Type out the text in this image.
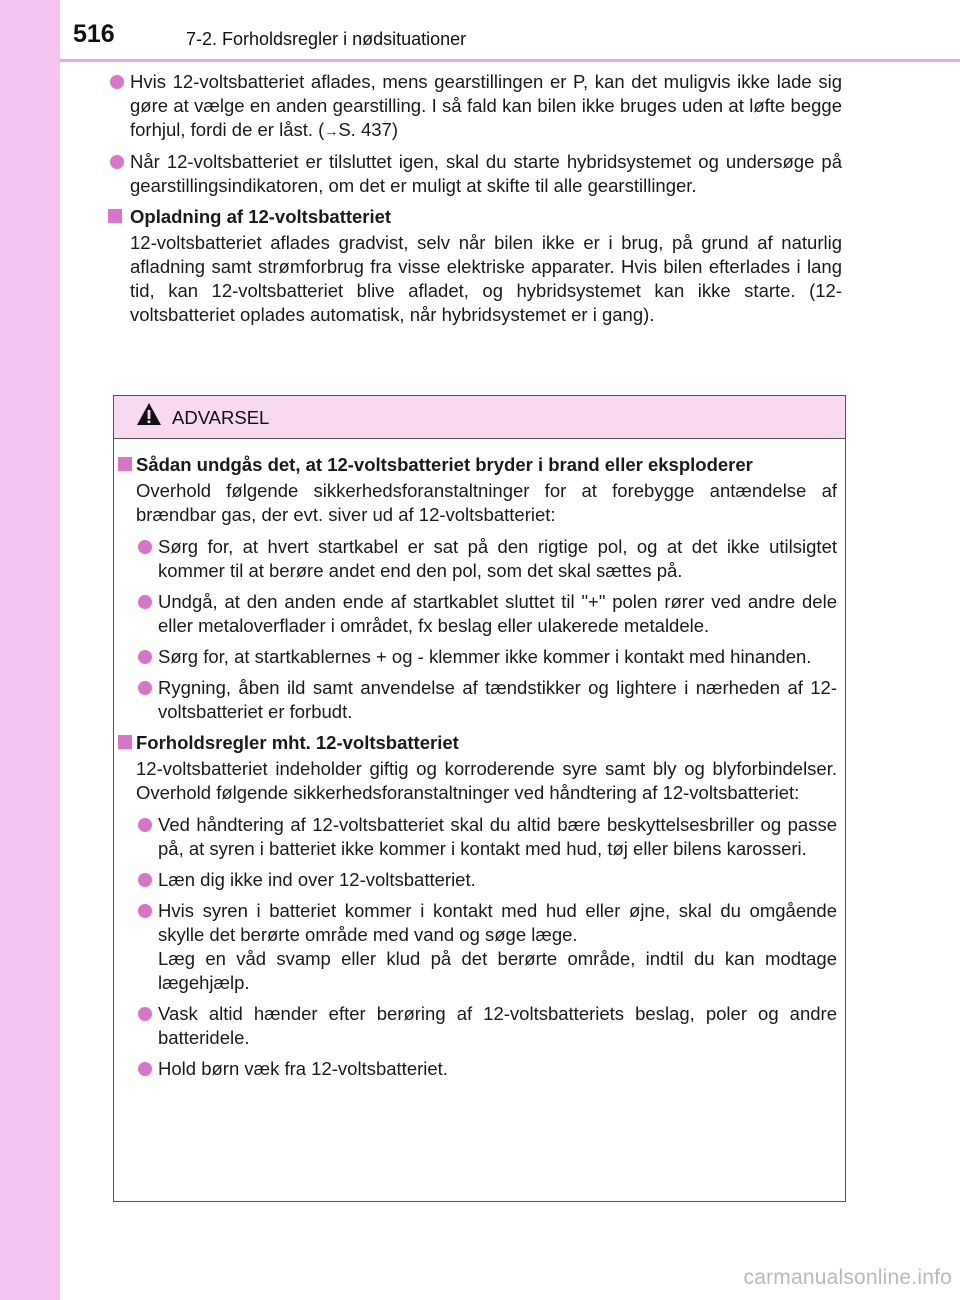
516	7-2. Forholdsregler i nødsituationer
Hvis 12-voltsbatteriet aflades, mens gearstillingen er P, kan det muligvis ikke lade sig gøre at vælge en anden gearstilling. I så fald kan bilen ikke bruges uden at løfte begge forhjul, fordi de er låst. (→S. 437)
Når 12-voltsbatteriet er tilsluttet igen, skal du starte hybridsystemet og undersøge på gearstillingsindikatoren, om det er muligt at skifte til alle gearstillinger.
Opladning af 12-voltsbatteriet
12-voltsbatteriet aflades gradvist, selv når bilen ikke er i brug, på grund af naturlig afladning samt strømforbrug fra visse elektriske apparater. Hvis bilen efterlades i lang tid, kan 12-voltsbatteriet blive afladet, og hybridsystemet kan ikke starte. (12-voltsbatteriet oplades automatisk, når hybridsystemet er i gang).
ADVARSEL
Sådan undgås det, at 12-voltsbatteriet bryder i brand eller eksploderer
Overhold følgende sikkerhedsforanstaltninger for at forebygge antændelse af brændbar gas, der evt. siver ud af 12-voltsbatteriet:
Sørg for, at hvert startkabel er sat på den rigtige pol, og at det ikke utilsigtet kommer til at berøre andet end den pol, som det skal sættes på.
Undgå, at den anden ende af startkablet sluttet til "+" polen rører ved andre dele eller metaloverflader i området, fx beslag eller ulakerede metaldele.
Sørg for, at startkablernes + og - klemmer ikke kommer i kontakt med hinanden.
Rygning, åben ild samt anvendelse af tændstikker og lightere i nærheden af 12-voltsbatteriet er forbudt.
Forholdsregler mht. 12-voltsbatteriet
12-voltsbatteriet indeholder giftig og korroderende syre samt bly og blyforbindelser. Overhold følgende sikkerhedsforanstaltninger ved håndtering af 12-voltsbatteriet:
Ved håndtering af 12-voltsbatteriet skal du altid bære beskyttelsesbriller og passe på, at syren i batteriet ikke kommer i kontakt med hud, tøj eller bilens karosseri.
Læn dig ikke ind over 12-voltsbatteriet.
Hvis syren i batteriet kommer i kontakt med hud eller øjne, skal du omgående skylle det berørte område med vand og søge læge.
Læg en våd svamp eller klud på det berørte område, indtil du kan modtage lægehjælp.
Vask altid hænder efter berøring af 12-voltsbatteriets beslag, poler og andre batteridele.
Hold børn væk fra 12-voltsbatteriet.
carmanualsonline.info
